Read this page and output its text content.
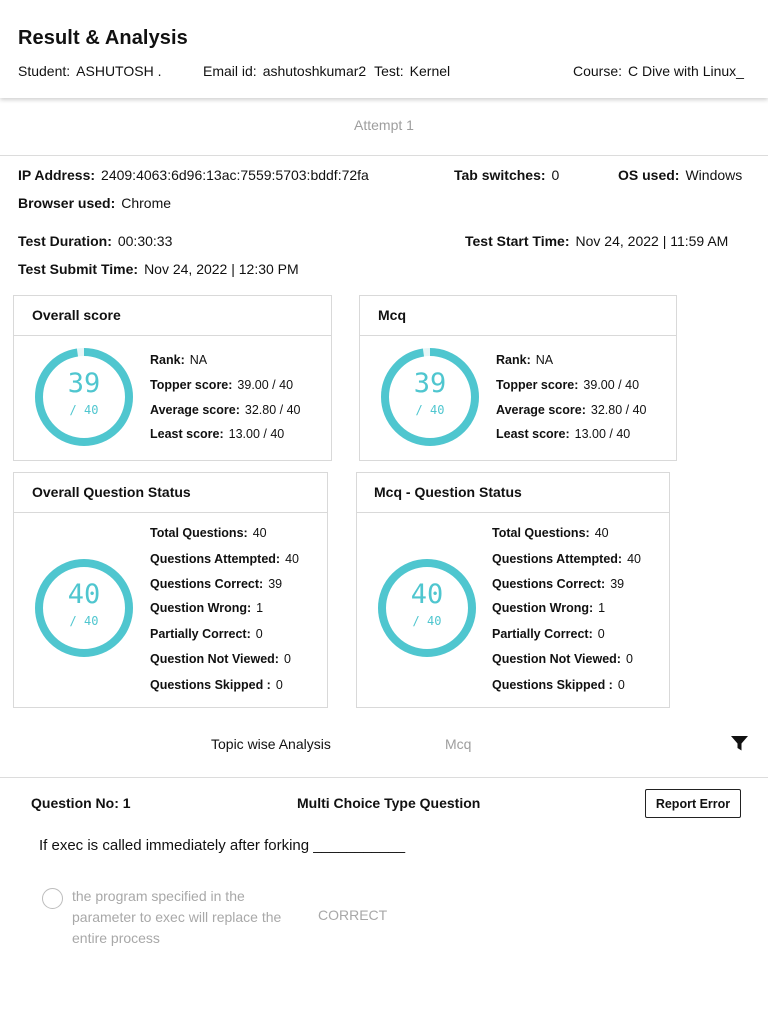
Result & Analysis
Student: ASHUTOSH .	Email id: ashutoshkumar2 Test: Kernel	Course: C Dive with Linux_
Attempt 1
IP Address: 2409:4063:6d96:13ac:7559:5703:bddf:72fa	Tab switches: 0	OS used: Windows
Browser used: Chrome
Test Duration: 00:30:33	Test Start Time: Nov 24, 2022 | 11:59 AM
Test Submit Time: Nov 24, 2022 | 12:30 PM
Overall score
39
/ 40
Rank: NA
Topper score: 39.00 / 40
Average score: 32.80 / 40
Least score: 13.00 / 40
Mcq
39
/ 40
Rank: NA
Topper score: 39.00 / 40
Average score: 32.80 / 40
Least score: 13.00 / 40
Overall Question Status
40
/ 40
Total Questions: 40
Questions Attempted: 40
Questions Correct: 39
Question Wrong: 1
Partially Correct: 0
Question Not Viewed: 0
Questions Skipped : 0
Mcq - Question Status
40
/ 40
Total Questions: 40
Questions Attempted: 40
Questions Correct: 39
Question Wrong: 1
Partially Correct: 0
Question Not Viewed: 0
Questions Skipped : 0
Topic wise Analysis	Mcq
Question No: 1	Multi Choice Type Question	Report Error
If exec is called immediately after forking ___________
the program specified in the parameter to exec will replace the entire process
CORRECT
